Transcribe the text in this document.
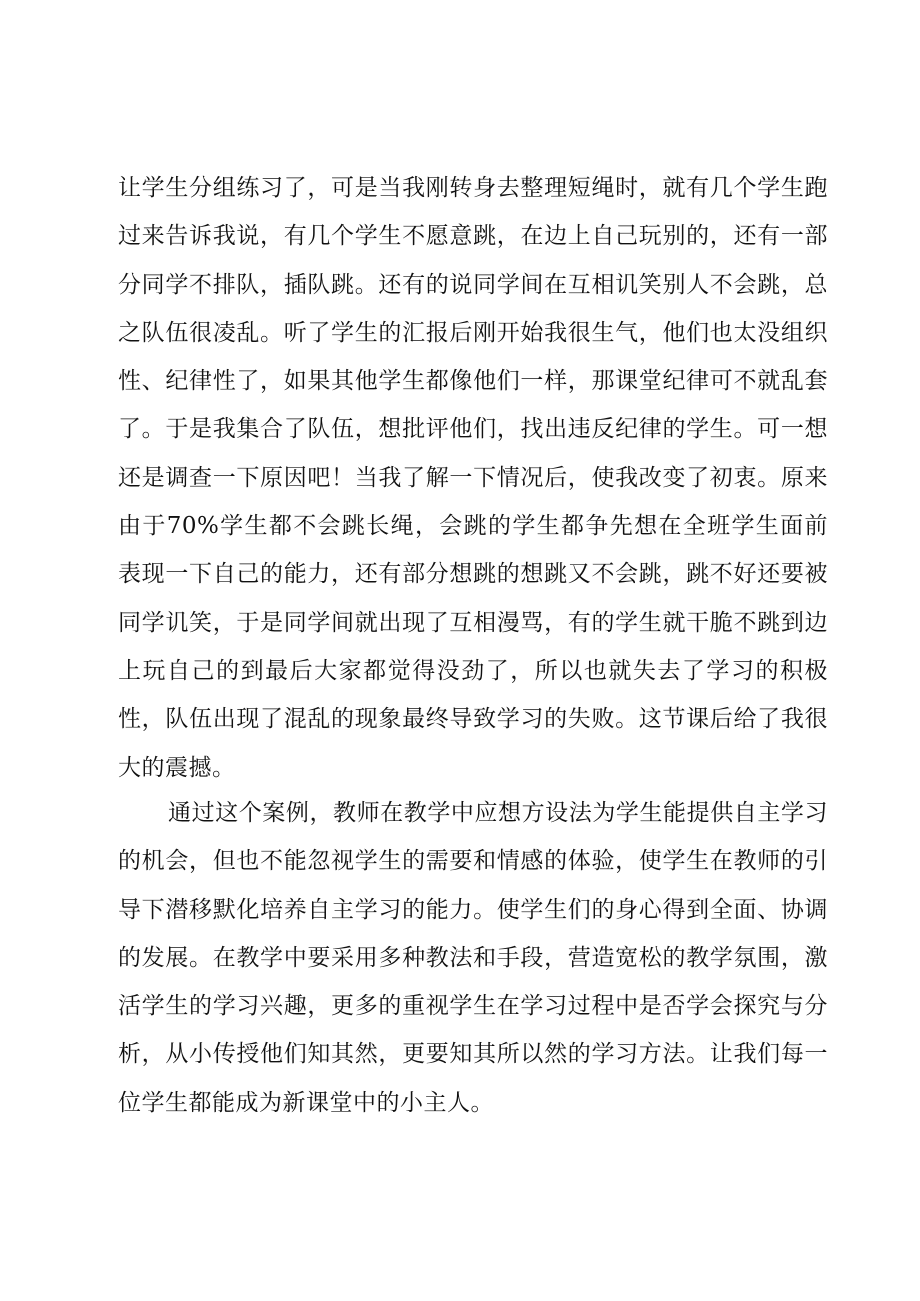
让学生分组练习了，可是当我刚转身去整理短绳时，就有几个学生跑过来告诉我说，有几个学生不愿意跳，在边上自己玩别的，还有一部分同学不排队，插队跳。还有的说同学间在互相讥笑别人不会跳，总之队伍很凌乱。听了学生的汇报后刚开始我很生气，他们也太没组织性、纪律性了，如果其他学生都像他们一样，那课堂纪律可不就乱套了。于是我集合了队伍，想批评他们，找出违反纪律的学生。可一想还是调查一下原因吧！当我了解一下情况后，使我改变了初衷。原来由于70%学生都不会跳长绳，会跳的学生都争先想在全班学生面前表现一下自己的能力，还有部分想跳的想跳又不会跳，跳不好还要被同学讥笑，于是同学间就出现了互相漫骂，有的学生就干脆不跳到边上玩自己的到最后大家都觉得没劲了，所以也就失去了学习的积极性，队伍出现了混乱的现象最终导致学习的失败。这节课后给了我很大的震撼。

通过这个案例，教师在教学中应想方设法为学生能提供自主学习的机会，但也不能忽视学生的需要和情感的体验，使学生在教师的引导下潜移默化培养自主学习的能力。使学生们的身心得到全面、协调的发展。在教学中要采用多种教法和手段，营造宽松的教学氛围，激活学生的学习兴趣，更多的重视学生在学习过程中是否学会探究与分析，从小传授他们知其然，更要知其所以然的学习方法。让我们每一位学生都能成为新课堂中的小主人。
